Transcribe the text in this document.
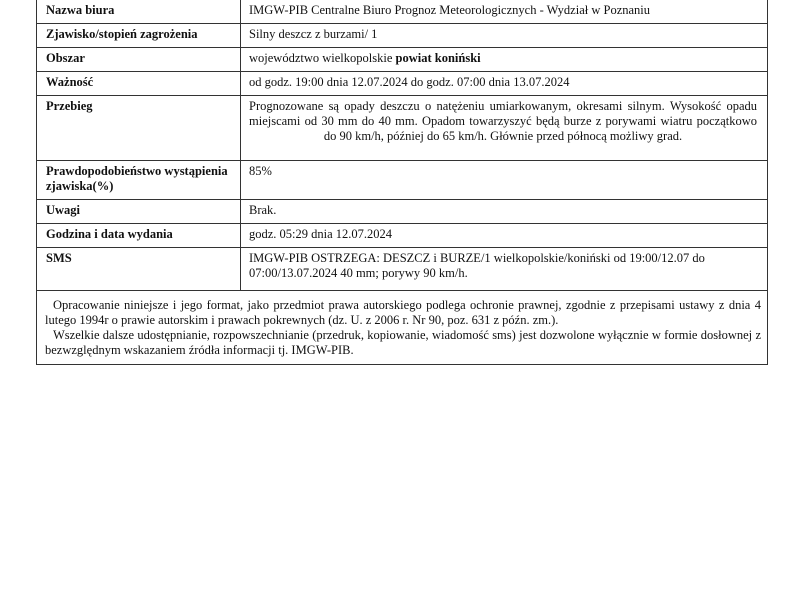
Nazwa biura	IMGW-PIB Centralne Biuro Prognoz Meteorologicznych - Wydział w Poznaniu
Zjawisko/stopień zagrożenia	Silny deszcz z burzami/ 1
Obszar	województwo wielkopolskie powiat koniński
Ważność	od godz. 19:00 dnia 12.07.2024 do godz. 07:00 dnia 13.07.2024
Przebieg	Prognozowane są opady deszczu o natężeniu umiarkowanym, okresami silnym. Wysokość opadu miejscami od 30 mm do 40 mm. Opadom towarzyszyć będą burze z porywami wiatru początkowo do 90 km/h, później do 65 km/h. Głównie przed północą możliwy grad.
Prawdopodobieństwo wystąpienia zjawiska(%)	85%
Uwagi	Brak.
Godzina i data wydania	godz. 05:29 dnia 12.07.2024
SMS	IMGW-PIB OSTRZEGA: DESZCZ i BURZE/1 wielkopolskie/koniński od 19:00/12.07 do 07:00/13.07.2024 40 mm; porywy 90 km/h.

Opracowanie niniejsze i jego format, jako przedmiot prawa autorskiego podlega ochronie prawnej, zgodnie z przepisami ustawy z dnia 4 lutego 1994r o prawie autorskim i prawach pokrewnych (dz. U. z 2006 r. Nr 90, poz. 631 z późn. zm.).

Wszelkie dalsze udostępnianie, rozpowszechnianie (przedruk, kopiowanie, wiadomość sms) jest dozwolone wyłącznie w formie dosłownej z bezwzględnym wskazaniem źródła informacji tj. IMGW-PIB.
